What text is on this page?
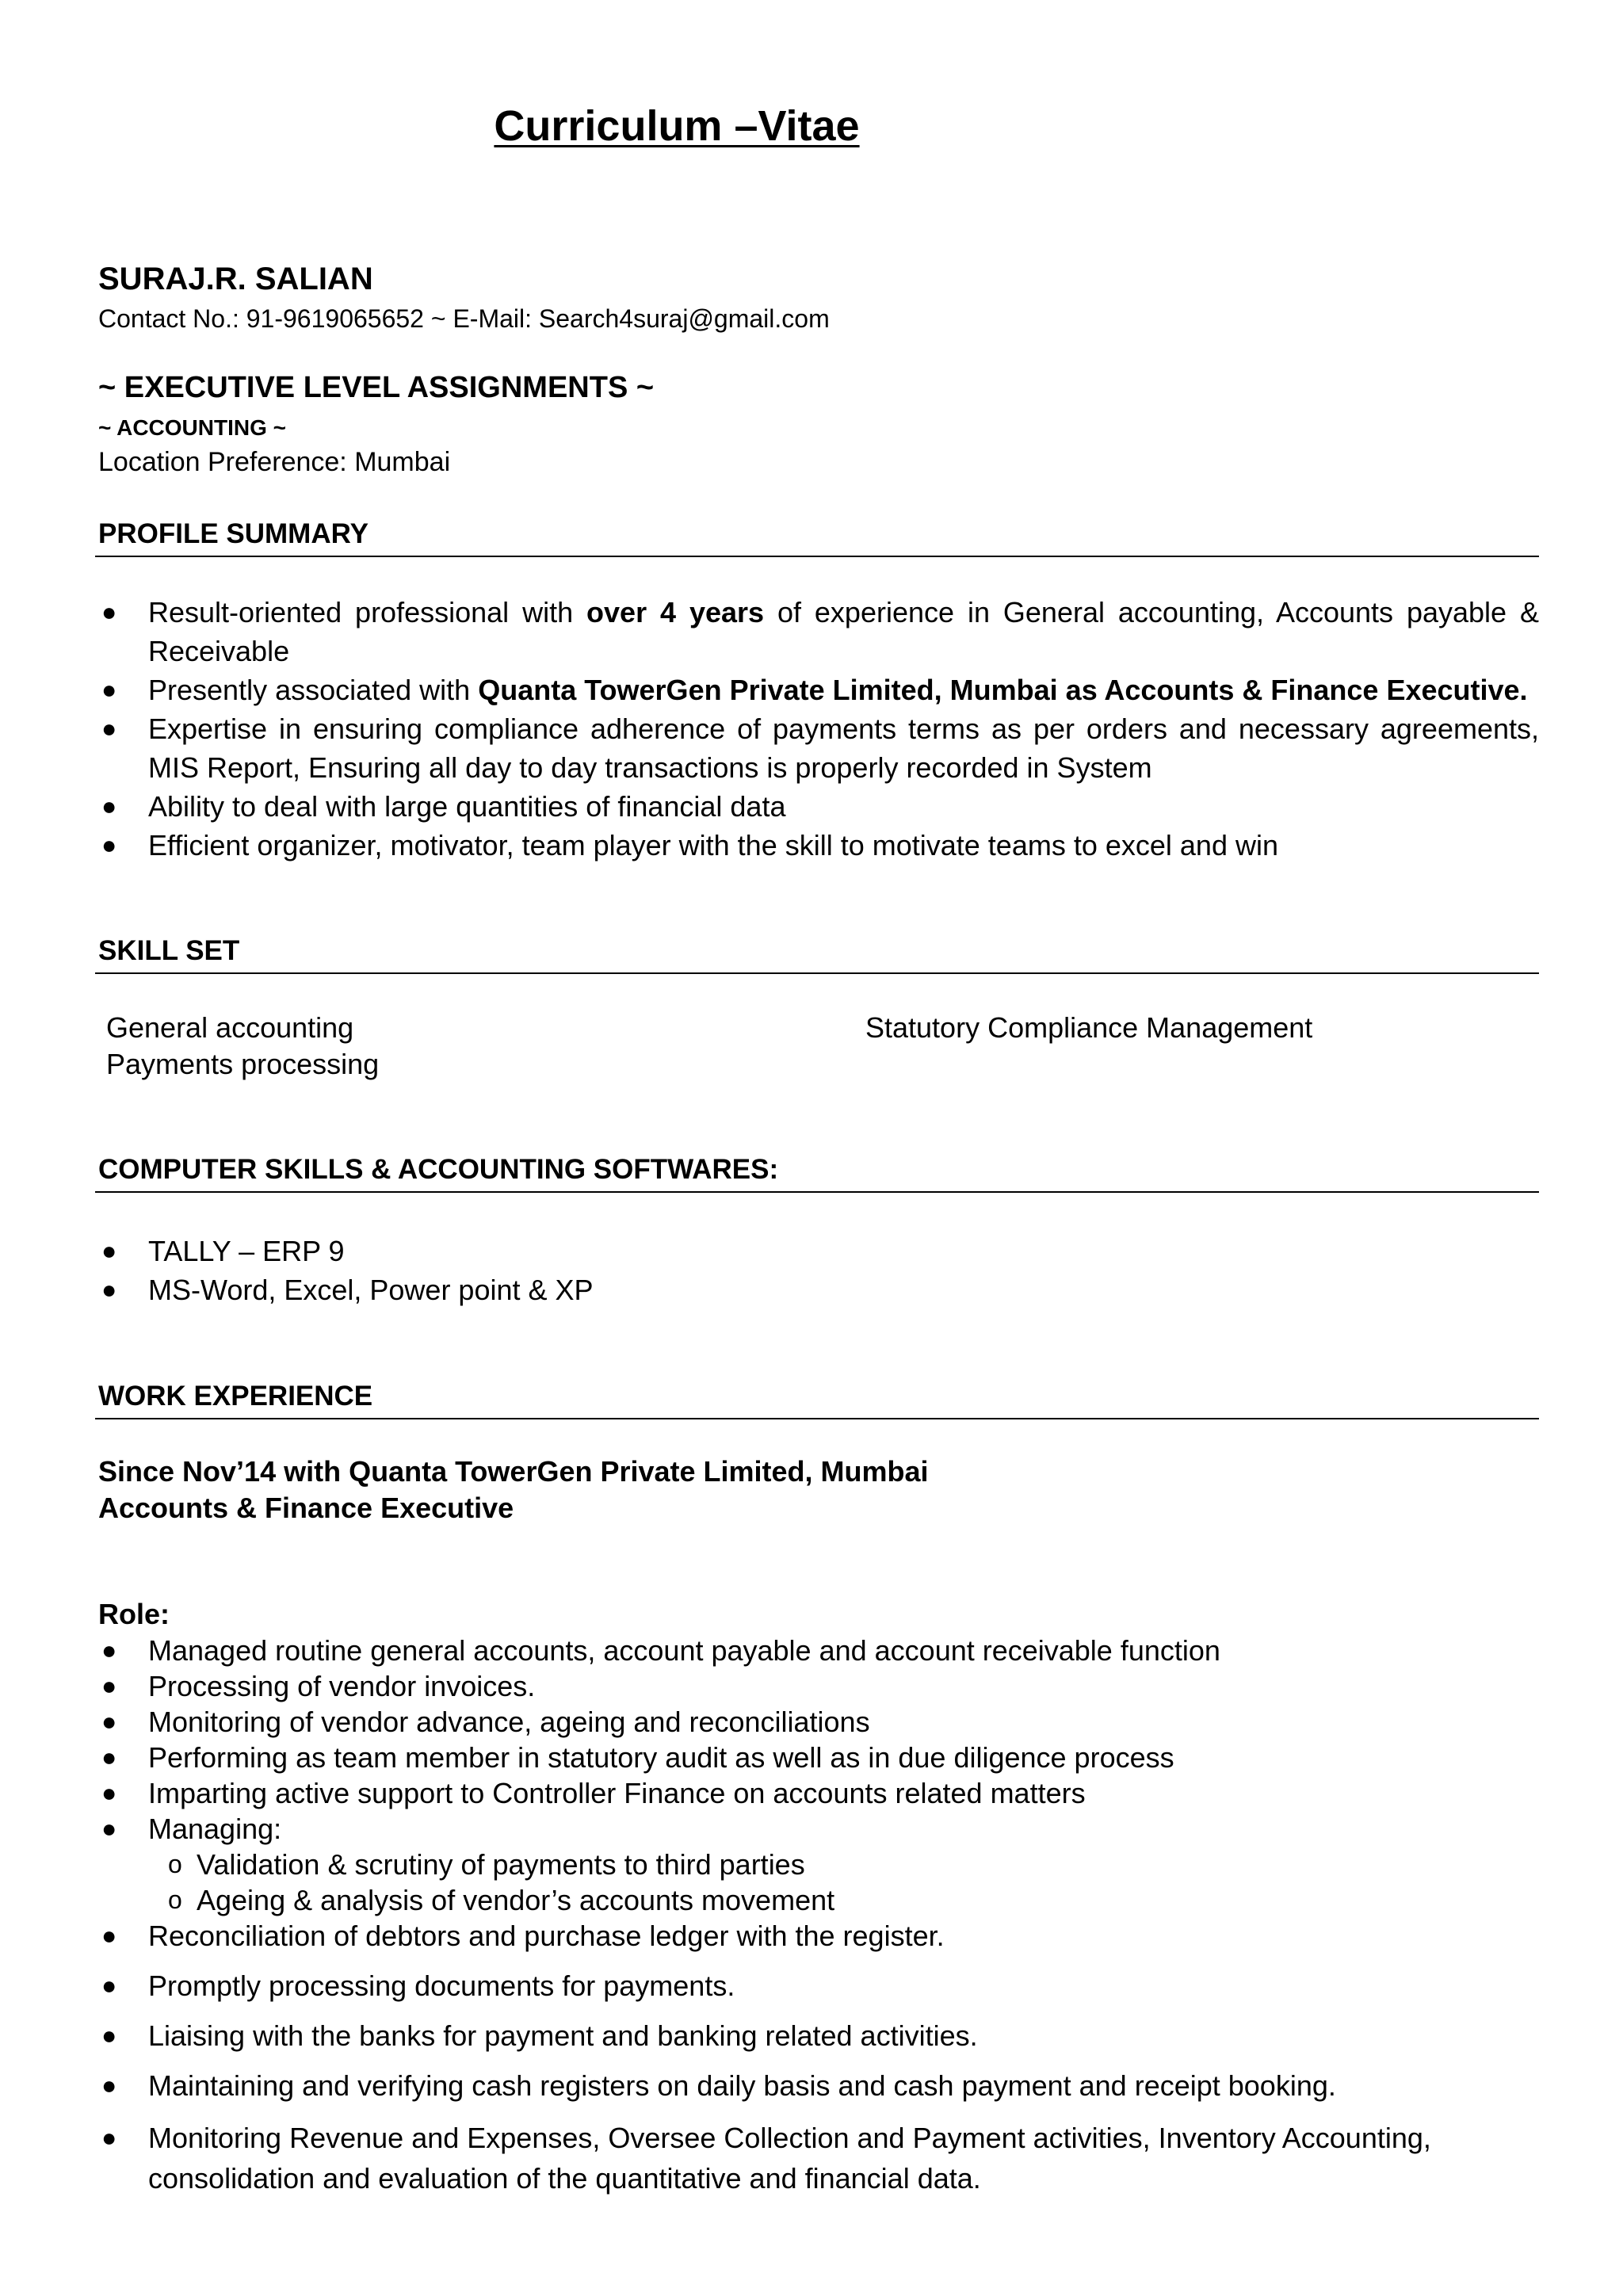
Curriculum –Vitae
SURAJ.R. SALIAN
Contact No.: 91-9619065652 ~ E-Mail: Search4suraj@gmail.com
~ EXECUTIVE LEVEL ASSIGNMENTS ~
~ ACCOUNTING ~
Location Preference: Mumbai
PROFILE SUMMARY
● Result-oriented professional with over 4 years of experience in General accounting, Accounts payable & Receivable
● Presently associated with Quanta TowerGen Private Limited, Mumbai as Accounts & Finance Executive.
● Expertise in ensuring compliance adherence of payments terms as per orders and necessary agreements, MIS Report, Ensuring all day to day transactions is properly recorded in System
● Ability to deal with large quantities of financial data
● Efficient organizer, motivator, team player with the skill to motivate teams to excel and win
SKILL SET
General accounting
Payments processing
Statutory Compliance Management
COMPUTER SKILLS & ACCOUNTING SOFTWARES:
● TALLY – ERP 9
● MS-Word, Excel, Power point & XP
WORK EXPERIENCE
Since Nov’14 with Quanta TowerGen Private Limited, Mumbai
Accounts & Finance Executive
Role:
● Managed routine general accounts, account payable and account receivable function
● Processing of vendor invoices.
● Monitoring of vendor advance, ageing and reconciliations
● Performing as team member in statutory audit as well as in due diligence process
● Imparting active support to Controller Finance on accounts related matters
● Managing:
o Validation & scrutiny of payments to third parties
o Ageing & analysis of vendor’s accounts movement
● Reconciliation of debtors and purchase ledger with the register.
● Promptly processing documents for payments.
● Liaising with the banks for payment and banking related activities.
● Maintaining and verifying cash registers on daily basis and cash payment and receipt booking.
● Monitoring Revenue and Expenses, Oversee Collection and Payment activities, Inventory Accounting, consolidation and evaluation of the quantitative and financial data.
